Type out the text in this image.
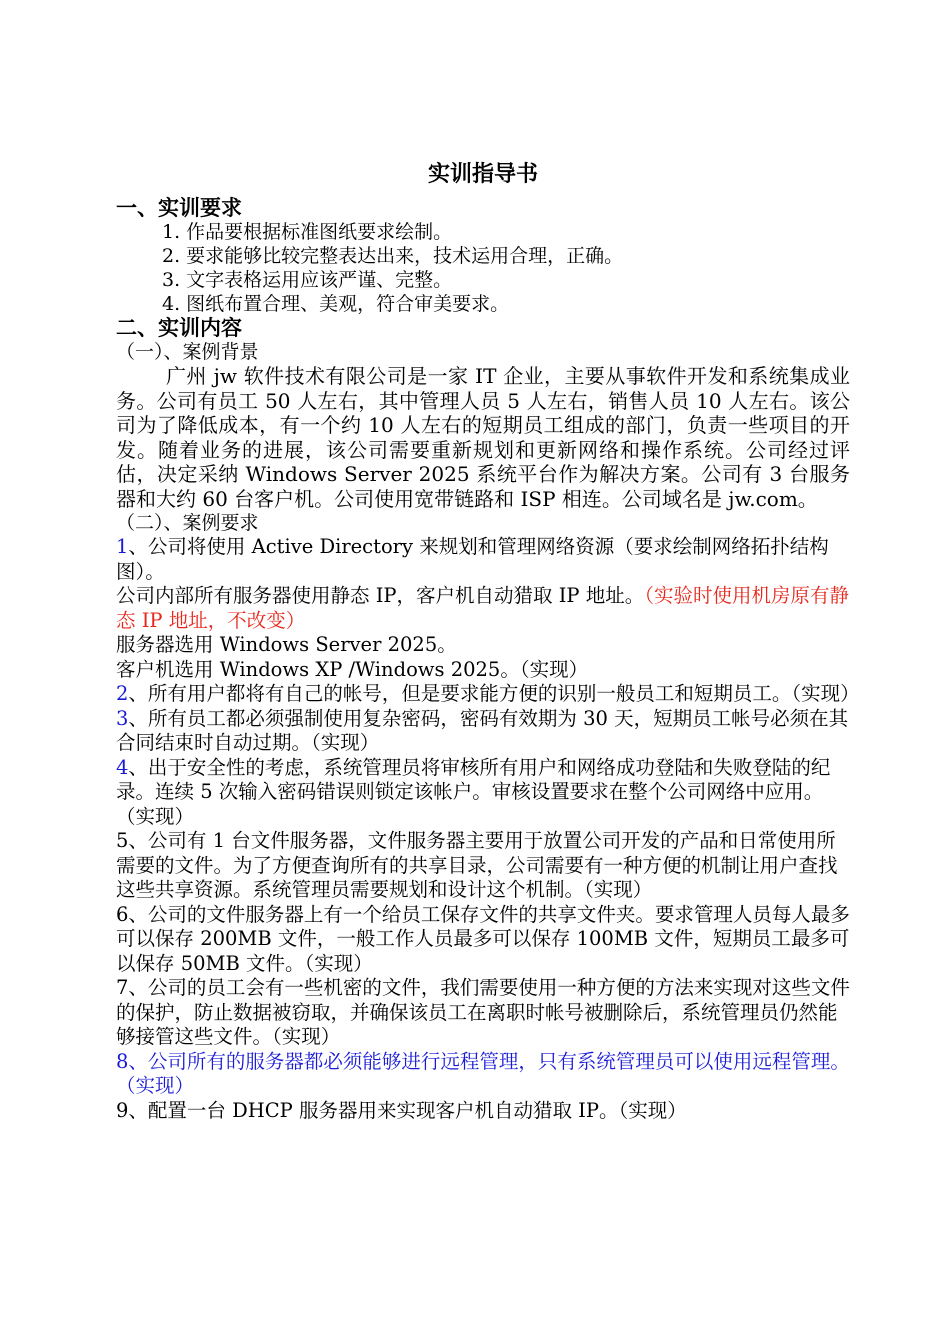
实训指导书
一、实训要求
1. 作品要根据标准图纸要求绘制。
2. 要求能够比较完整表达出来，技术运用合理，正确。
3. 文字表格运用应该严谨、完整。
4. 图纸布置合理、美观，符合审美要求。
二、实训内容
（一）、案例背景

广州 jw 软件技术有限公司是一家 IT 企业，主要从事软件开发和系统集成业务。公司有员工 50 人左右，其中管理人员 5 人左右，销售人员 10 人左右。该公司为了降低成本，有一个约 10 人左右的短期员工组成的部门，负责一些项目的开发。随着业务的进展，该公司需要重新规划和更新网络和操作系统。公司经过评估，决定采纳 Windows Server 2025 系统平台作为解决方案。公司有 3 台服务器和大约 60 台客户机。公司使用宽带链路和 ISP 相连。公司域名是 jw.com。

（二）、案例要求

1、公司将使用 Active Directory 来规划和管理网络资源（要求绘制网络拓扑结构图）。

公司内部所有服务器使用静态 IP，客户机自动猎取 IP 地址。（实验时使用机房原有静态 IP 地址，不改变）

服务器选用 Windows Server 2025。

客户机选用 Windows XP /Windows 2025。（实现）

2、所有用户都将有自己的帐号，但是要求能方便的识别一般员工和短期员工。（实现）

3、所有员工都必须强制使用复杂密码，密码有效期为 30 天，短期员工帐号必须在其合同结束时自动过期。（实现）

4、出于安全性的考虑，系统管理员将审核所有用户和网络成功登陆和失败登陆的纪录。连续 5 次输入密码错误则锁定该帐户。审核设置要求在整个公司网络中应用。（实现）

5、公司有 1 台文件服务器，文件服务器主要用于放置公司开发的产品和日常使用所需要的文件。为了方便查询所有的共享目录，公司需要有一种方便的机制让用户查找这些共享资源。系统管理员需要规划和设计这个机制。（实现）

6、公司的文件服务器上有一个给员工保存文件的共享文件夹。要求管理人员每人最多可以保存 200MB 文件，一般工作人员最多可以保存 100MB 文件，短期员工最多可以保存 50MB 文件。（实现）

7、公司的员工会有一些机密的文件，我们需要使用一种方便的方法来实现对这些文件的保护，防止数据被窃取，并确保该员工在离职时帐号被删除后，系统管理员仍然能够接管这些文件。（实现）

8、公司所有的服务器都必须能够进行远程管理，只有系统管理员可以使用远程管理。（实现）

9、配置一台 DHCP 服务器用来实现客户机自动猎取 IP。（实现）
